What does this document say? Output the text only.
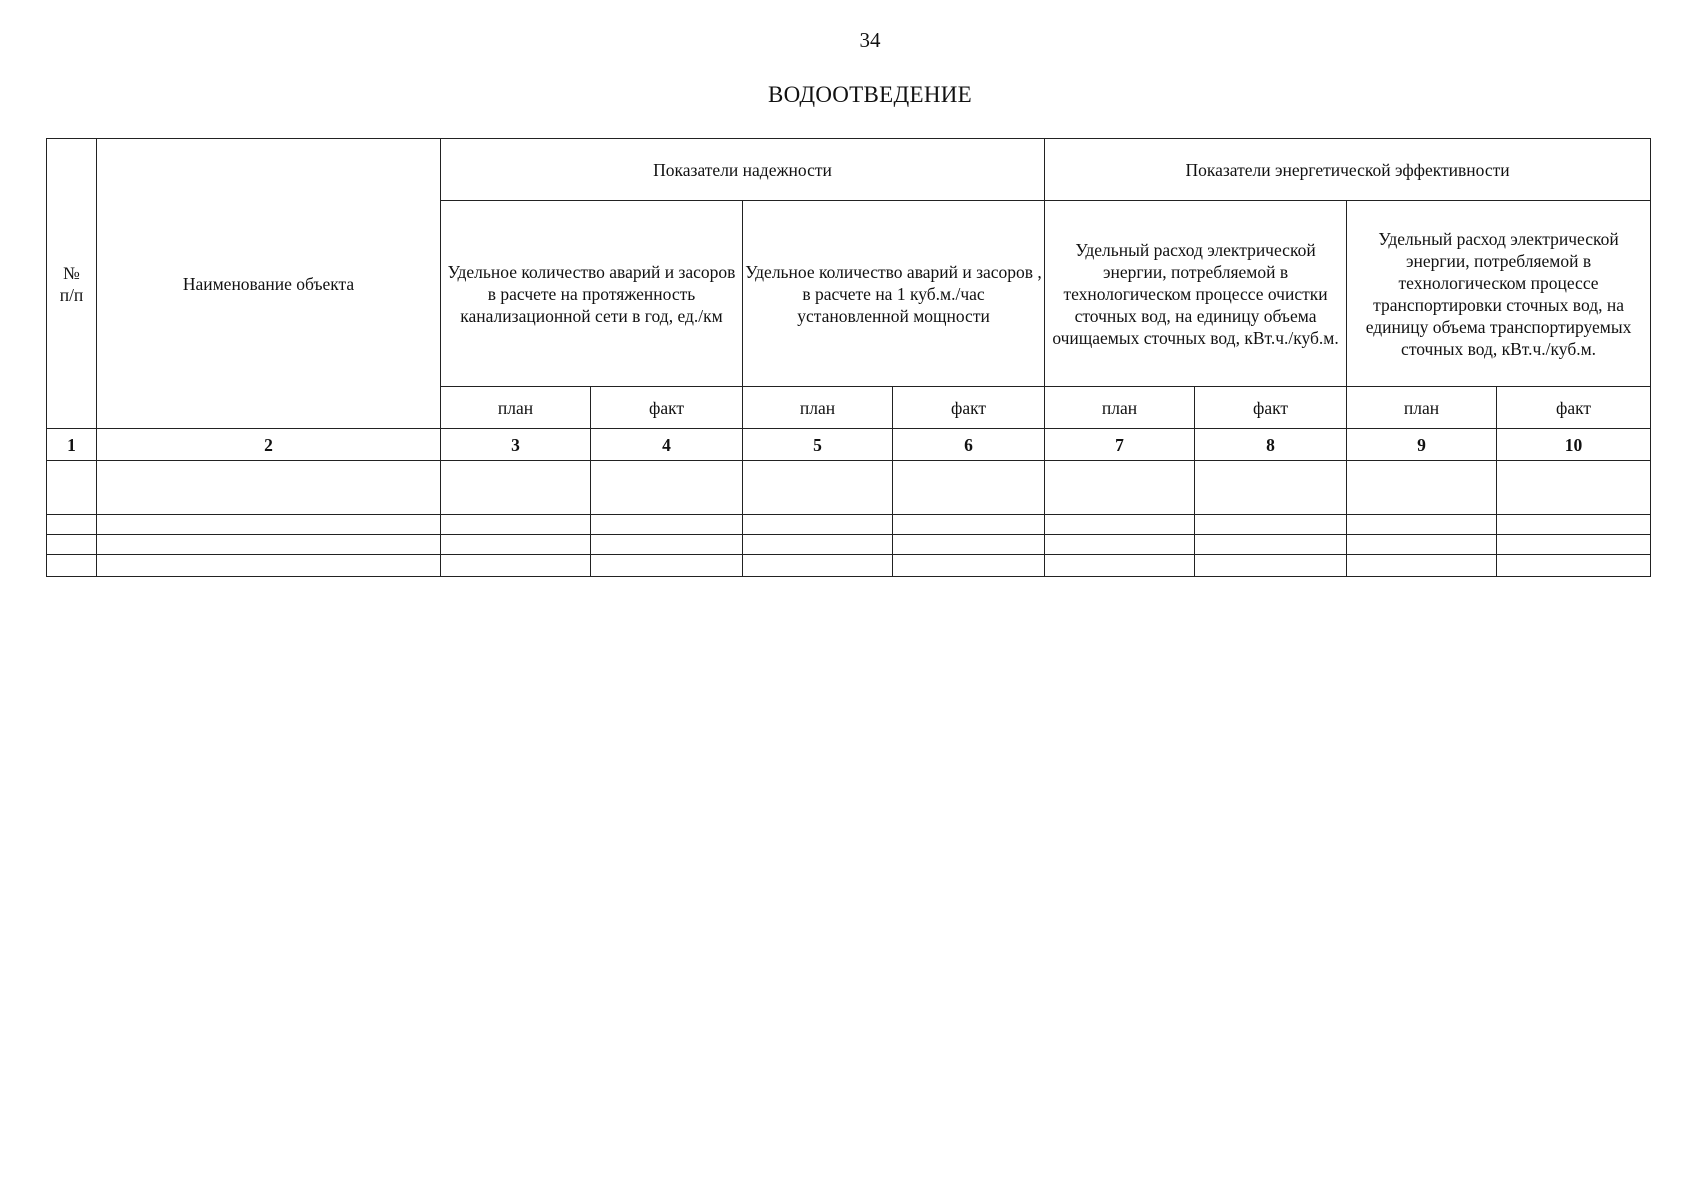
34
ВОДООТВЕДЕНИЕ
№
п/п	Наименование объекта	Показатели надежности				Показатели энергетической эффективности			

		Удельное количество аварий и засоров в расчете на протяженность канализационной сети в год, ед./км		Удельное количество аварий и засоров , в расчете на 1 куб.м./час установленной мощности		Удельный расход электрической энергии, потребляемой в технологическом процессе очистки сточных вод, на единицу объема очищаемых сточных вод, кВт.ч./куб.м.		Удельный расход электрической энергии, потребляемой в технологическом процессе транспортировки сточных вод, на единицу объема транспортируемых сточных вод, кВт.ч./куб.м.	

		план	факт	план	факт	план	факт	план	факт
1	2	3	4	5	6	7	8	9	10
